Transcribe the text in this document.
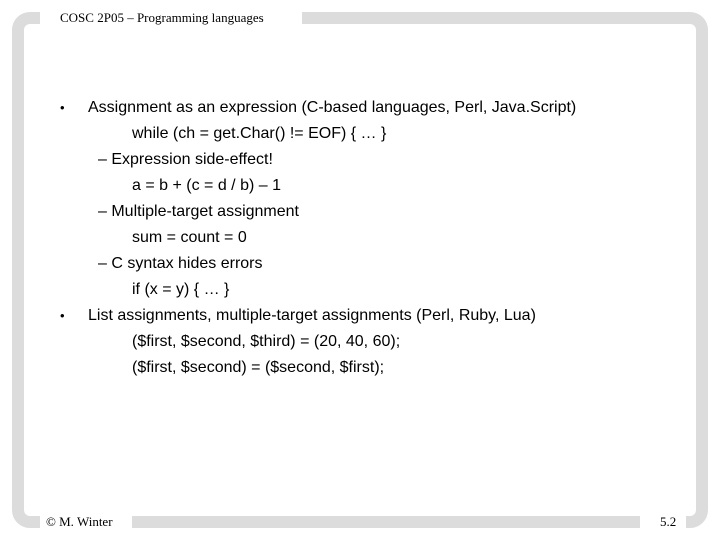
COSC 2P05 – Programming languages
• Assignment as an expression (C-based languages, Perl, Java.Script)
while (ch = get.Char() != EOF) { … }
– Expression side-effect!
a = b + (c = d / b) – 1
– Multiple-target assignment
sum = count = 0
– C syntax hides errors
if (x = y) { … }
• List assignments, multiple-target assignments (Perl, Ruby, Lua)
($first, $second, $third) = (20, 40, 60);
($first, $second) = ($second, $first);
© M. Winter	5.2
